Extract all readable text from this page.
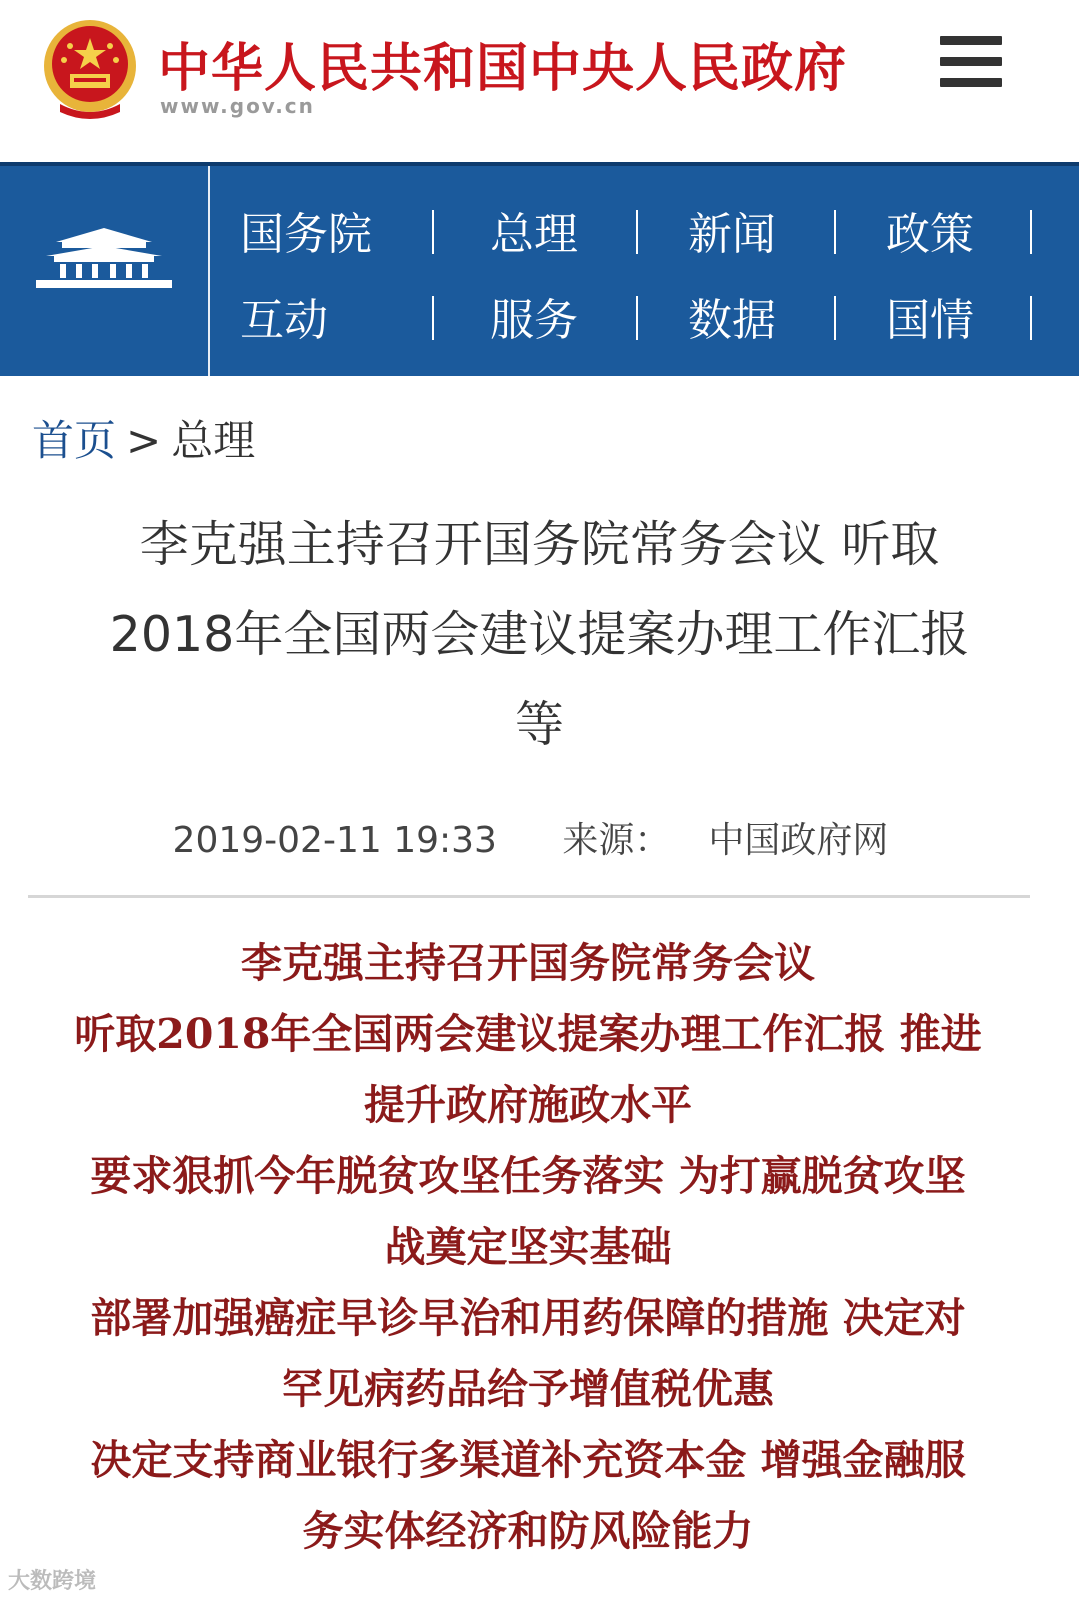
中华人民共和国中央人民政府
www.gov.cn
国务院	总理	新闻	政策
互动	服务	数据	国情
首页 > 总理
李克强主持召开国务院常务会议 听取
2018年全国两会建议提案办理工作汇报
等
2019-02-11 19:33 来源： 中国政府网

李克强主持召开国务院常务会议

听取2018年全国两会建议提案办理工作汇报 推进

提升政府施政水平

要求狠抓今年脱贫攻坚任务落实 为打赢脱贫攻坚

战奠定坚实基础

部署加强癌症早诊早治和用药保障的措施 决定对

罕见病药品给予增值税优惠

决定支持商业银行多渠道补充资本金 增强金融服

务实体经济和防风险能力

大数跨境
